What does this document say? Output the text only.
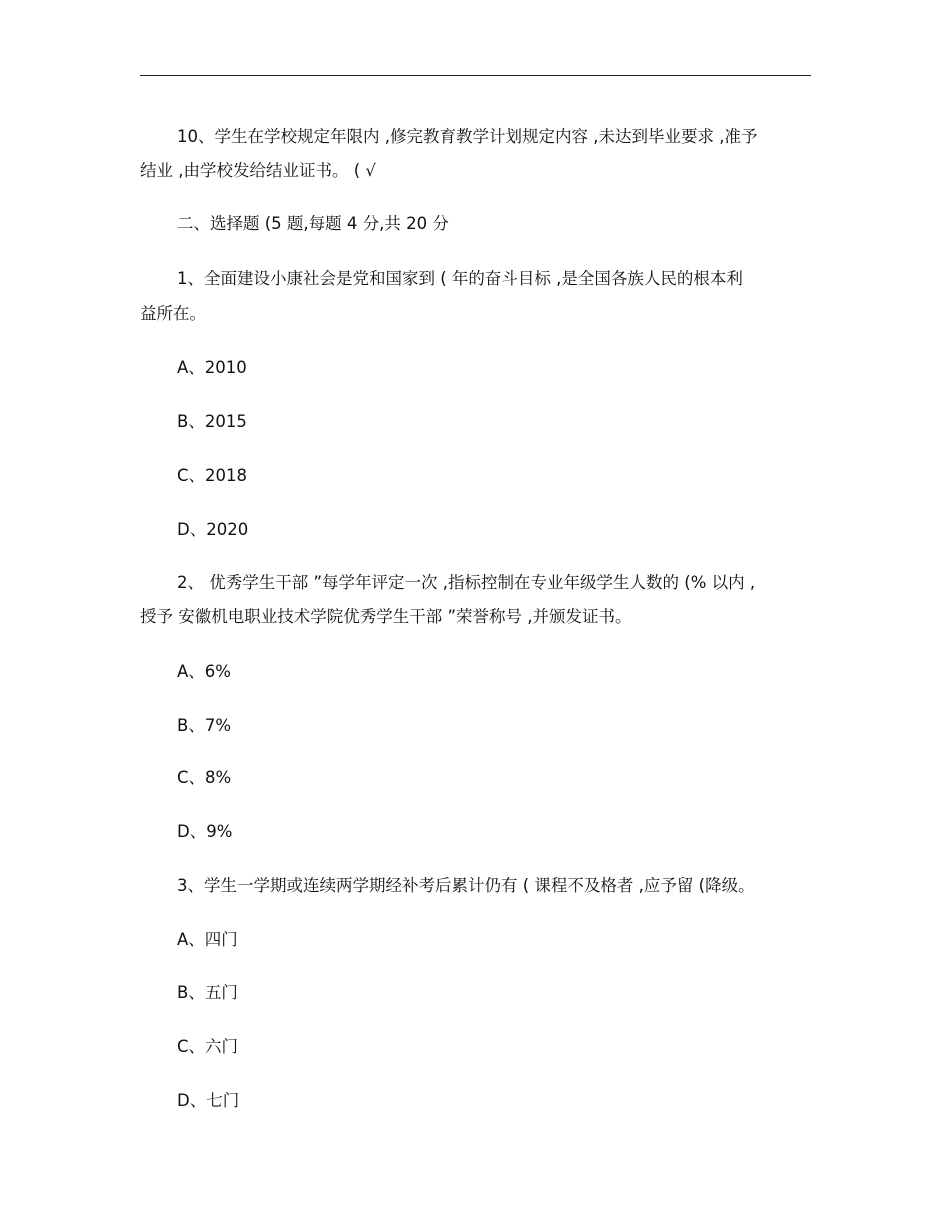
10、学生在学校规定年限内 ,修完教育教学计划规定内容 ,未达到毕业要求 ,准予
结业 ,由学校发给结业证书。 ( √
二、选择题 (5 题,每题 4 分,共 20 分
1、全面建设小康社会是党和国家到 ( 年的奋斗目标 ,是全国各族人民的根本利
益所在。
A、2010
B、2015
C、2018
D、2020
2、 优秀学生干部 ”每学年评定一次 ,指标控制在专业年级学生人数的 (% 以内 ,
授予 安徽机电职业技术学院优秀学生干部 ”荣誉称号 ,并颁发证书。
A、6%
B、7%
C、8%
D、9%
3、学生一学期或连续两学期经补考后累计仍有 ( 课程不及格者 ,应予留 (降级。
A、四门
B、五门
C、六门
D、七门
